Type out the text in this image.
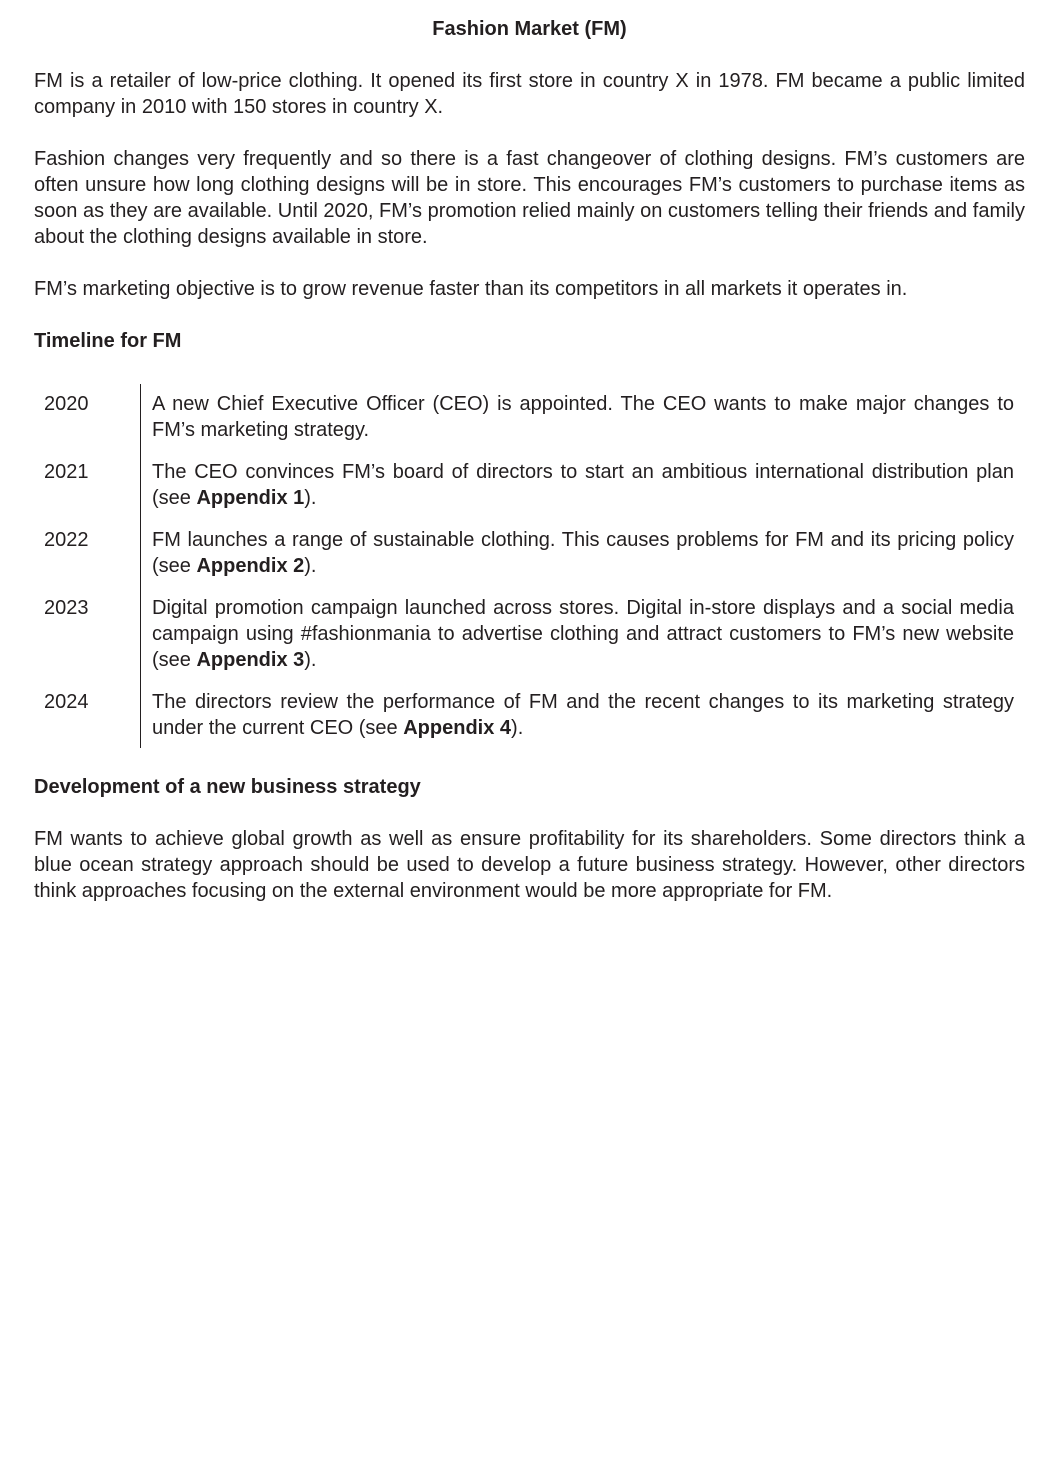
Fashion Market (FM)

FM is a retailer of low-price clothing. It opened its first store in country X in 1978. FM became a public limited company in 2010 with 150 stores in country X.

Fashion changes very frequently and so there is a fast changeover of clothing designs. FM’s customers are often unsure how long clothing designs will be in store. This encourages FM’s customers to purchase items as soon as they are available. Until 2020, FM’s promotion relied mainly on customers telling their friends and family about the clothing designs available in store.

FM’s marketing objective is to grow revenue faster than its competitors in all markets it operates in.

Timeline for FM
2020	A new Chief Executive Officer (CEO) is appointed. The CEO wants to make major changes to FM’s marketing strategy.
2021	The CEO convinces FM’s board of directors to start an ambitious international distribution plan (see Appendix 1).
2022	FM launches a range of sustainable clothing. This causes problems for FM and its pricing policy (see Appendix 2).
2023	Digital promotion campaign launched across stores. Digital in-store displays and a social media campaign using #fashionmania to advertise clothing and attract customers to FM’s new website (see Appendix 3).
2024	The directors review the performance of FM and the recent changes to its marketing strategy under the current CEO (see Appendix 4).
Development of a new business strategy

FM wants to achieve global growth as well as ensure profitability for its shareholders. Some directors think a blue ocean strategy approach should be used to develop a future business strategy. However, other directors think approaches focusing on the external environment would be more appropriate for FM.
